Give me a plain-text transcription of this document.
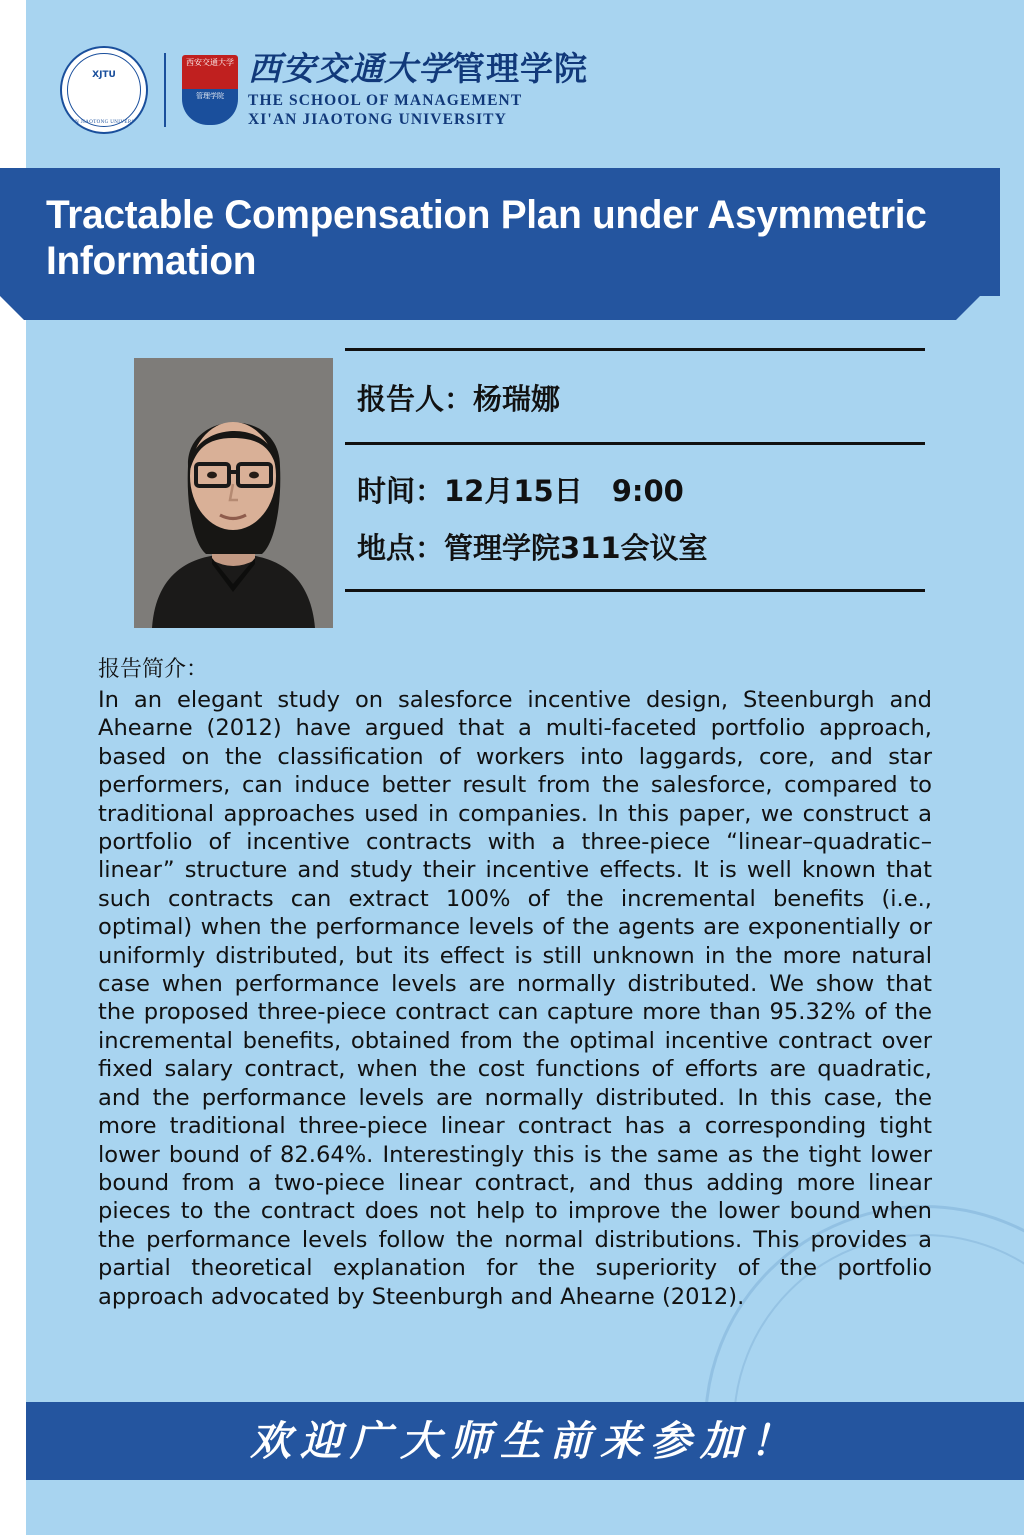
XJTU
XI'AN JIAOTONG UNIVERSITY
西安交通大学
管理学院
西安交通大学管理学院
THE SCHOOL OF MANAGEMENT
XI'AN JIAOTONG UNIVERSITY
Tractable Compensation Plan under Asymmetric Information
报告人：杨瑞娜
时间：12月15日　9:00
地点：管理学院311会议室
报告简介：
In an elegant study on salesforce incentive design, Steenburgh and Ahearne (2012) have argued that a multi-faceted portfolio approach, based on the classification of workers into laggards, core, and star performers, can induce better result from the salesforce, compared to traditional approaches used in companies. In this paper, we construct a portfolio of incentive contracts with a three-piece “linear–quadratic–linear” structure and study their incentive effects. It is well known that such contracts can extract 100% of the incremental benefits (i.e., optimal) when the performance levels of the agents are exponentially or uniformly distributed, but its effect is still unknown in the more natural case when performance levels are normally distributed. We show that the proposed three-piece contract can capture more than 95.32% of the incremental benefits, obtained from the optimal incentive contract over fixed salary contract, when the cost functions of efforts are quadratic, and the performance levels are normally distributed. In this case, the more traditional three-piece linear contract has a corresponding tight lower bound of 82.64%. Interestingly this is the same as the tight lower bound from a two-piece linear contract, and thus adding more linear pieces to the contract does not help to improve the lower bound when the performance levels follow the normal distributions. This provides a partial theoretical explanation for the superiority of the portfolio approach advocated by Steenburgh and Ahearne (2012).
欢迎广大师生前来参加！
